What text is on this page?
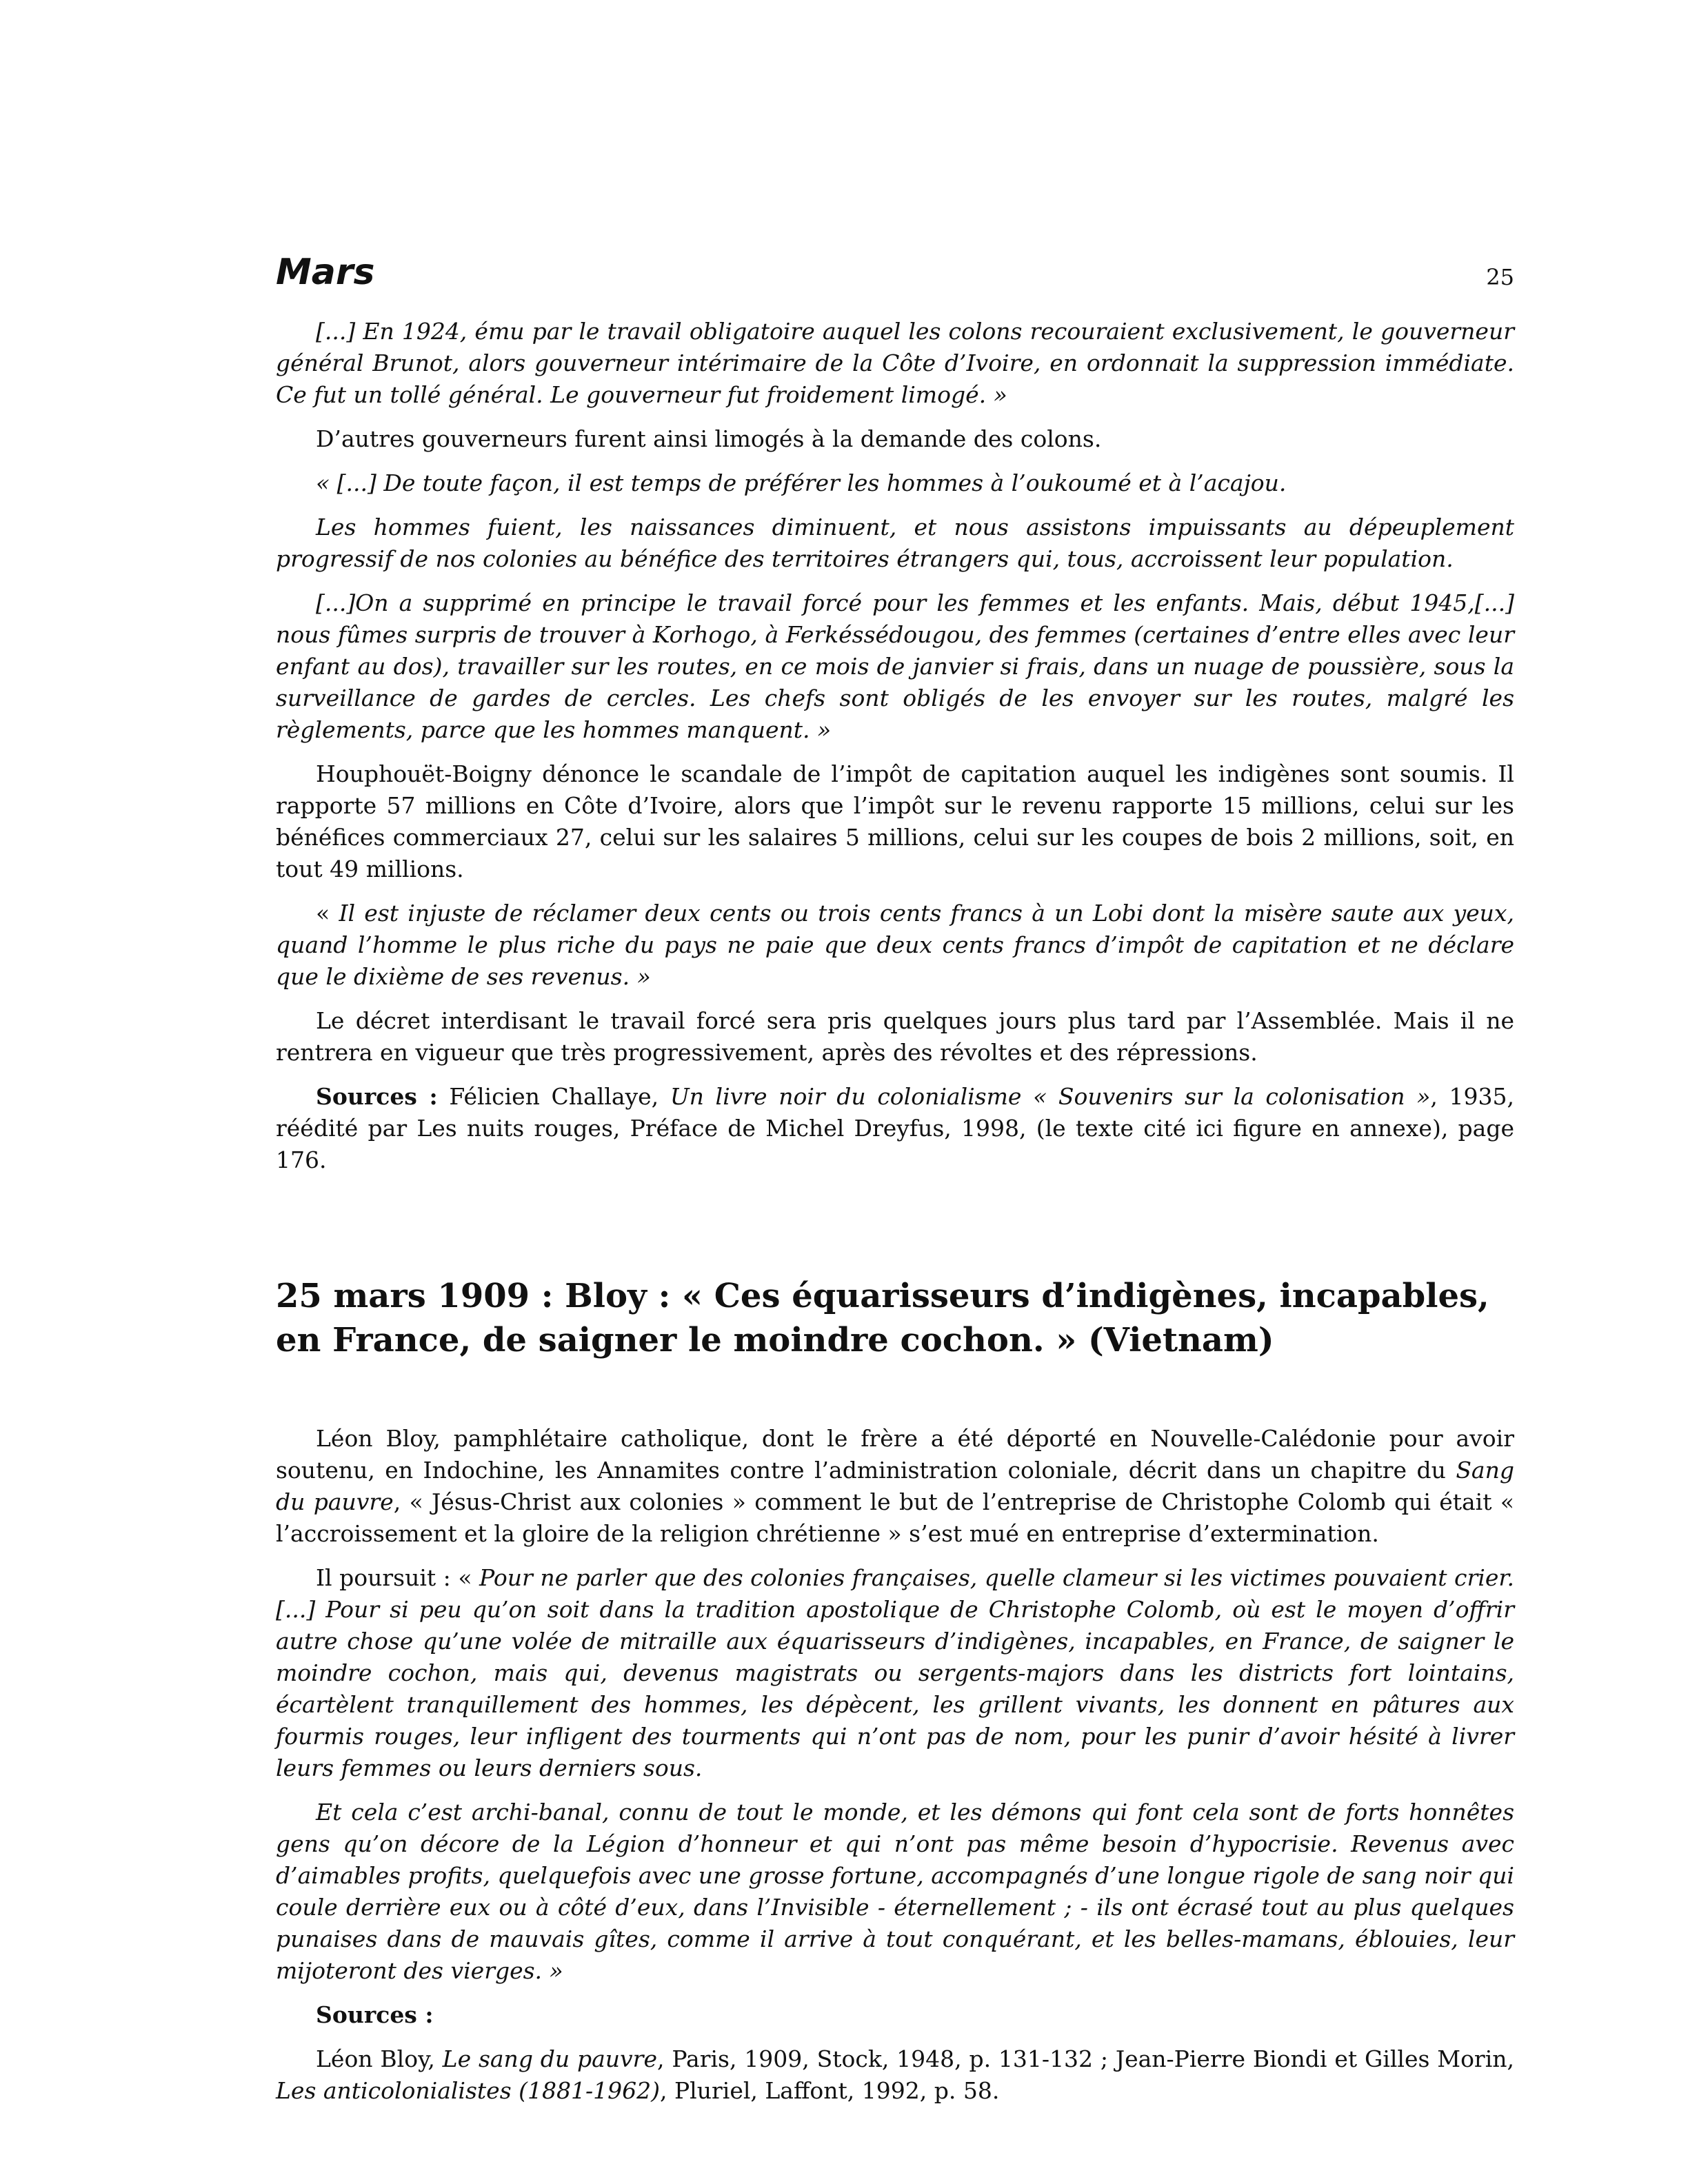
Mars	25

[...] En 1924, ému par le travail obligatoire auquel les colons recouraient exclusivement, le gouverneur général Brunot, alors gouverneur intérimaire de la Côte d’Ivoire, en ordonnait la suppression immédiate. Ce fut un tollé général. Le gouverneur fut froidement limogé. »

D’autres gouverneurs furent ainsi limogés à la demande des colons.

« [...] De toute façon, il est temps de préférer les hommes à l’oukoumé et à l’acajou.

Les hommes fuient, les naissances diminuent, et nous assistons impuissants au dépeuplement progressif de nos colonies au bénéfice des territoires étrangers qui, tous, accroissent leur population.

[...]On a supprimé en principe le travail forcé pour les femmes et les enfants. Mais, début 1945,[...] nous fûmes surpris de trouver à Korhogo, à Ferkéssédougou, des femmes (certaines d’entre elles avec leur enfant au dos), travailler sur les routes, en ce mois de janvier si frais, dans un nuage de poussière, sous la surveillance de gardes de cercles. Les chefs sont obligés de les envoyer sur les routes, malgré les règlements, parce que les hommes manquent. »

Houphouët-Boigny dénonce le scandale de l’impôt de capitation auquel les indigènes sont soumis. Il rapporte 57 millions en Côte d’Ivoire, alors que l’impôt sur le revenu rapporte 15 millions, celui sur les bénéfices commerciaux 27, celui sur les salaires 5 millions, celui sur les coupes de bois 2 millions, soit, en tout 49 millions.

« Il est injuste de réclamer deux cents ou trois cents francs à un Lobi dont la misère saute aux yeux, quand l’homme le plus riche du pays ne paie que deux cents francs d’impôt de capitation et ne déclare que le dixième de ses revenus. »

Le décret interdisant le travail forcé sera pris quelques jours plus tard par l’Assemblée. Mais il ne rentrera en vigueur que très progressivement, après des révoltes et des répressions.

Sources : Félicien Challaye, Un livre noir du colonialisme « Souvenirs sur la colonisation », 1935, réédité par Les nuits rouges, Préface de Michel Dreyfus, 1998, (le texte cité ici figure en annexe), page 176.

25 mars 1909 : Bloy : « Ces équarisseurs d’indigènes, incapables, en France, de saigner le moindre cochon. » (Vietnam)

Léon Bloy, pamphlétaire catholique, dont le frère a été déporté en Nouvelle-Calédonie pour avoir soutenu, en Indochine, les Annamites contre l’administration coloniale, décrit dans un chapitre du Sang du pauvre, « Jésus-Christ aux colonies » comment le but de l’entreprise de Christophe Colomb qui était « l’accroissement et la gloire de la religion chrétienne » s’est mué en entreprise d’extermination.

Il poursuit : « Pour ne parler que des colonies françaises, quelle clameur si les victimes pouvaient crier. [...] Pour si peu qu’on soit dans la tradition apostolique de Christophe Colomb, où est le moyen d’offrir autre chose qu’une volée de mitraille aux équarisseurs d’indigènes, incapables, en France, de saigner le moindre cochon, mais qui, devenus magistrats ou sergents-majors dans les districts fort lointains, écartèlent tranquillement des hommes, les dépècent, les grillent vivants, les donnent en pâtures aux fourmis rouges, leur infligent des tourments qui n’ont pas de nom, pour les punir d’avoir hésité à livrer leurs femmes ou leurs derniers sous.

Et cela c’est archi-banal, connu de tout le monde, et les démons qui font cela sont de forts honnêtes gens qu’on décore de la Légion d’honneur et qui n’ont pas même besoin d’hypocrisie. Revenus avec d’aimables profits, quelquefois avec une grosse fortune, accompagnés d’une longue rigole de sang noir qui coule derrière eux ou à côté d’eux, dans l’Invisible - éternellement ; - ils ont écrasé tout au plus quelques punaises dans de mauvais gîtes, comme il arrive à tout conquérant, et les belles-mamans, éblouies, leur mijoteront des vierges. »

Sources :

Léon Bloy, Le sang du pauvre, Paris, 1909, Stock, 1948, p. 131-132 ; Jean-Pierre Biondi et Gilles Morin, Les anticolonialistes (1881-1962), Pluriel, Laffont, 1992, p. 58.
